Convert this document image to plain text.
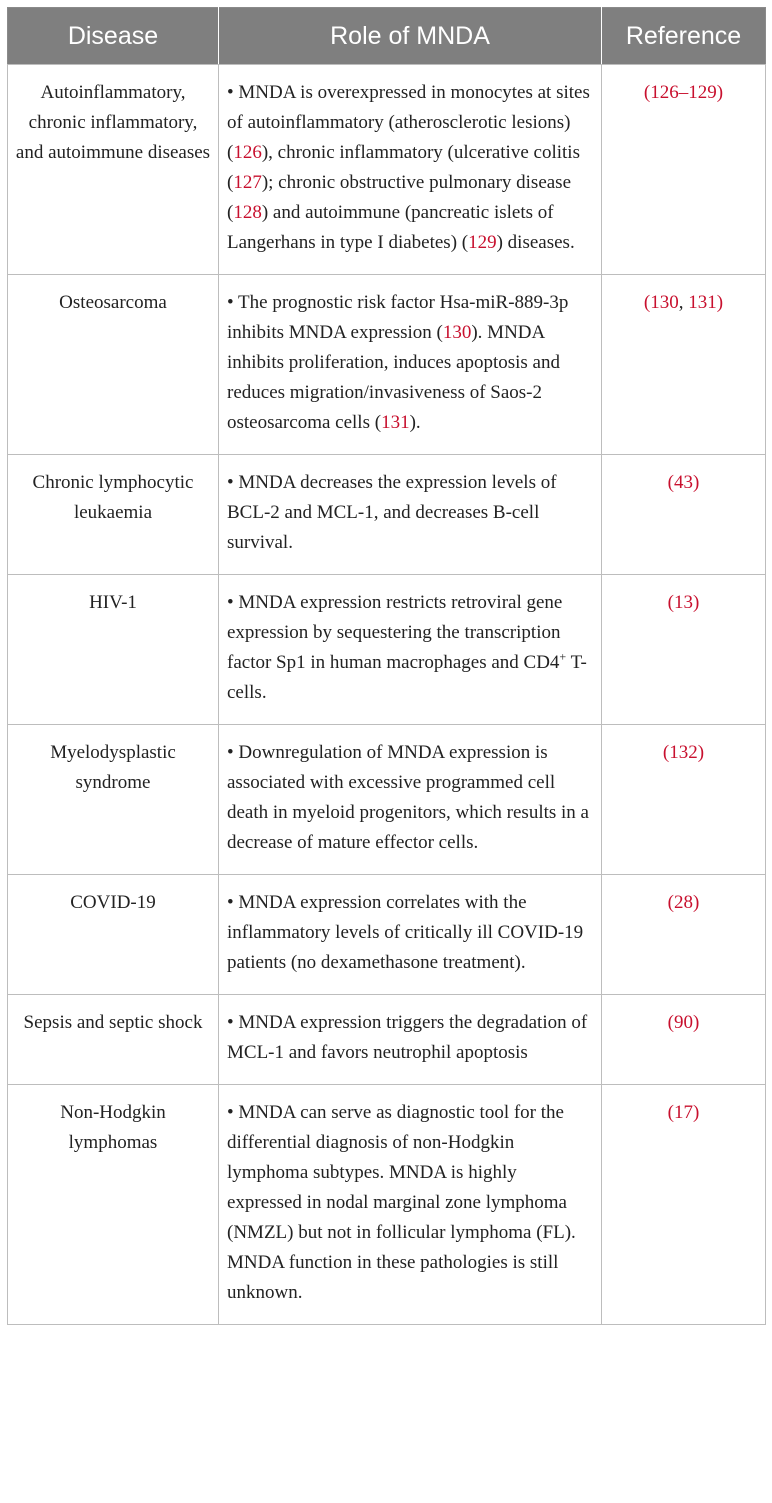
Disease	Role of MNDA	Reference
Autoinflammatory, chronic inflammatory, and autoimmune diseases	• MNDA is overexpressed in monocytes at sites of autoinflammatory (atherosclerotic lesions) (126), chronic inflammatory (ulcerative colitis (127); chronic obstructive pulmonary disease (128) and autoimmune (pancreatic islets of Langerhans in type I diabetes) (129) diseases.	(126–129)
Osteosarcoma	• The prognostic risk factor Hsa-miR-889-3p inhibits MNDA expression (130). MNDA inhibits proliferation, induces apoptosis and reduces migration/invasiveness of Saos-2 osteosarcoma cells (131).	(130, 131)
Chronic lymphocytic leukaemia	• MNDA decreases the expression levels of BCL-2 and MCL-1, and decreases B-cell survival.	(43)
HIV-1	• MNDA expression restricts retroviral gene expression by sequestering the transcription factor Sp1 in human macrophages and CD4+ T-cells.	(13)
Myelodysplastic syndrome	• Downregulation of MNDA expression is associated with excessive programmed cell death in myeloid progenitors, which results in a decrease of mature effector cells.	(132)
COVID-19	• MNDA expression correlates with the inflammatory levels of critically ill COVID-19 patients (no dexamethasone treatment).	(28)
Sepsis and septic shock	• MNDA expression triggers the degradation of MCL-1 and favors neutrophil apoptosis	(90)
Non-Hodgkin lymphomas	• MNDA can serve as diagnostic tool for the differential diagnosis of non-Hodgkin lymphoma subtypes. MNDA is highly expressed in nodal marginal zone lymphoma (NMZL) but not in follicular lymphoma (FL). MNDA function in these pathologies is still unknown.	(17)
